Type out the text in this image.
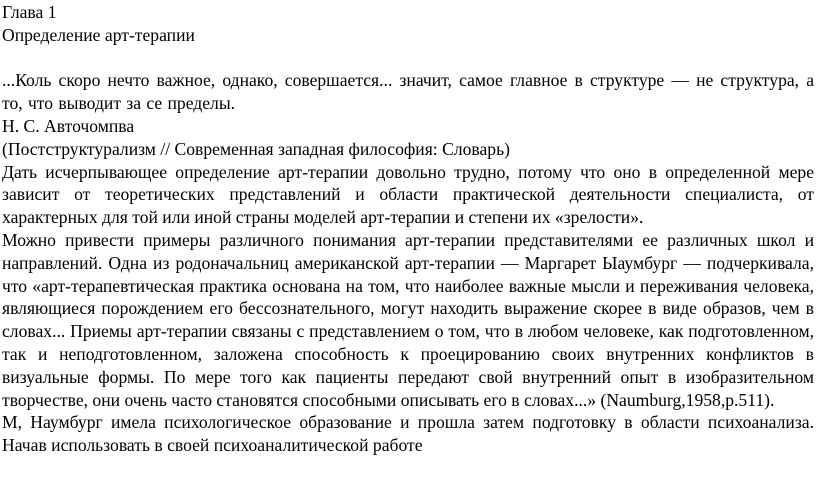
Глава 1
Определение арт-терапии

...Коль скоро нечто важное, однако, совершается... значит, самое главное в структуре — не структура, а то, что выводит за се пределы.

Н. С. Авточомпва
(Постструктурализм // Современная западная философия: Словарь)

Дать исчерпывающее определение арт-терапии довольно трудно, потому что оно в определенной мере зависит от теоретических представлений и области практической деятельности специалиста, от характерных для той или иной страны моделей арт-терапии и степени их «зрелости».

Можно привести примеры различного понимания арт-терапии представителями ее различных школ и направлений. Одна из родоначальниц американской арт-терапии — Маргарет Ыаумбург — подчеркивала, что «арт-терапевтическая практика основана на том, что наиболее важные мысли и переживания человека, являющиеся порождением его бессознательного, могут находить выражение скорее в виде образов, чем в словах... Приемы арт-терапии связаны с представлением о том, что в любом человеке, как подготовленном, так и неподготовленном, заложена способность к проецированию своих внутренних конфликтов в визуальные формы. По мере того как пациенты передают свой внутренний опыт в изобразительном творчестве, они очень часто становятся способными описывать его в словах...» (Naumburg,1958,p.511).

М, Наумбург имела психологическое образование и прошла затем подготовку в области психоанализа. Начав использовать в своей психоаналитической работе
